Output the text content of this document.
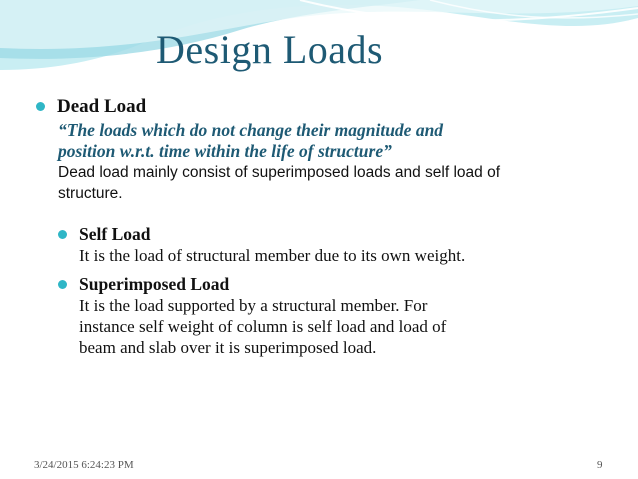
Design Loads
Dead Load
“The loads which do not change their magnitude and
position w.r.t. time within the life of structure”
Dead load mainly consist of superimposed loads and self load of
structure.
Self Load
It is the load of structural member due to its own weight.
Superimposed Load
It is the load supported by a structural member. For
instance self weight of column is self load and load of
beam and slab over it is superimposed load.
3/24/2015 6:24:23 PM	9
